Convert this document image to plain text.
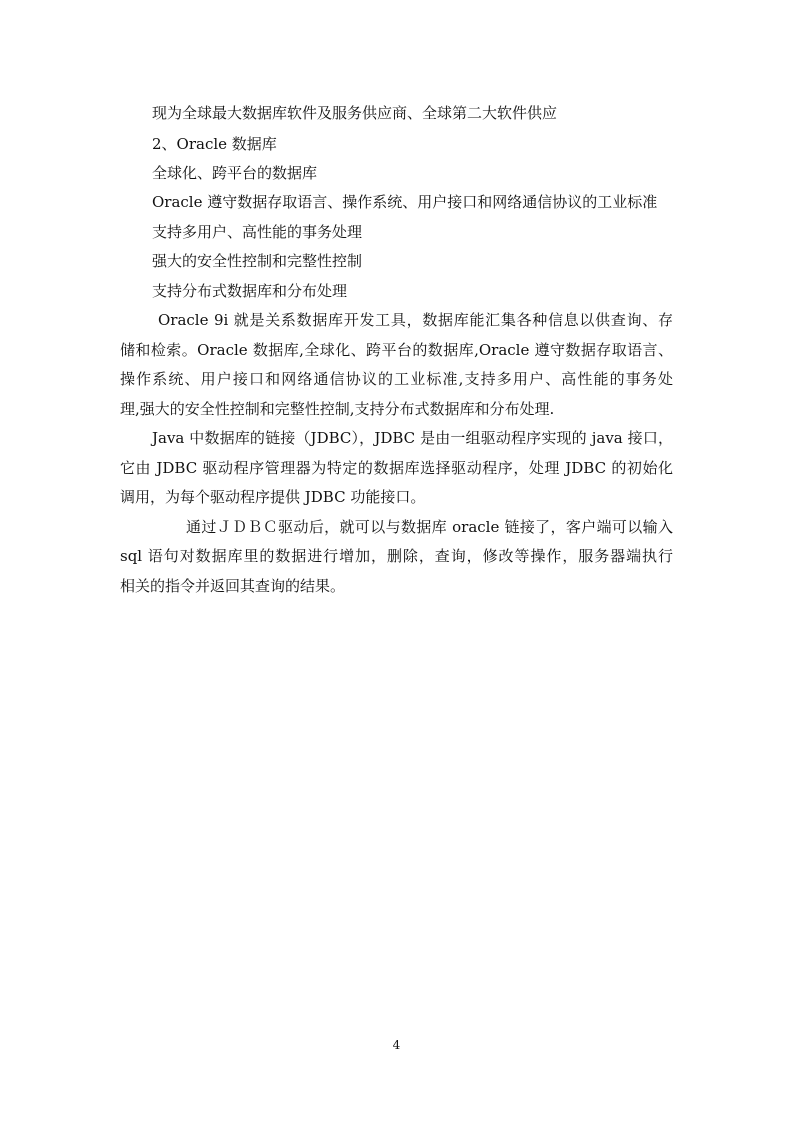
现为全球最大数据库软件及服务供应商、全球第二大软件供应
2、Oracle 数据库
全球化、跨平台的数据库
Oracle 遵守数据存取语言、操作系统、用户接口和网络通信协议的工业标准
支持多用户、高性能的事务处理
强大的安全性控制和完整性控制
支持分布式数据库和分布处理
Oracle 9i 就是关系数据库开发工具，数据库能汇集各种信息以供查询、存
储和检索。Oracle 数据库,全球化、跨平台的数据库,Oracle 遵守数据存取语言、
操作系统、用户接口和网络通信协议的工业标准,支持多用户、高性能的事务处
理,强大的安全性控制和完整性控制,支持分布式数据库和分布处理.
Java 中数据库的链接（JDBC），JDBC 是由一组驱动程序实现的 java 接口，
它由 JDBC 驱动程序管理器为特定的数据库选择驱动程序，处理 JDBC 的初始化
调用，为每个驱动程序提供 JDBC 功能接口。
通过ＪＤＢＣ驱动后，就可以与数据库 oracle 链接了，客户端可以输入
sql 语句对数据库里的数据进行增加，删除，查询，修改等操作，服务器端执行
相关的指令并返回其查询的结果。
4
